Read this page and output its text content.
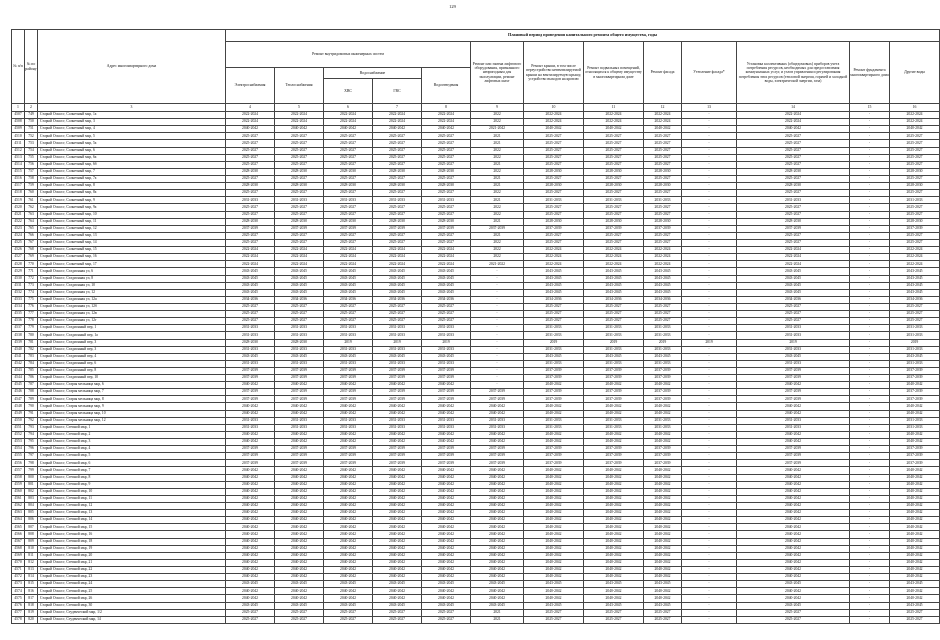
129
№ п/п	№ по району	Адрес многоквартирного дома	Плановый период проведения капитального ремонта общего имущества, годы												
			Ремонт внутридомовых инженерных систем					Ремонт или замена лифтового оборудования, признанного непригодным для эксплуатации, ремонт лифтовых шахт	Ремонт крыши, в том числе переустройство невентилируемой крыши на вентилируемую крышу, устройство выходов на кровлю	Ремонт подвальных помещений, относящихся к общему имуществу в многоквартирном доме	Ремонт фасада	Утепление фасада*	Установка коллективных (общедомовых) приборов учета потребления ресурсов, необходимых для предоставления коммунальных услуг, и узлов управления и регулирования потребления этих ресурсов (тепловой энергии, горячей и холодной воды, электрической энергии, газа)	Ремонт фундамента многоквартирного дома	Другие виды
			Электроснабжения	Теплоснабжения	Водоснабжение		Водоотведения								
					ХВС	ГВС									
1	2	3	4	5	6	7	8	9	10	11	12	13	14	15	16
4507	749	Старый Оскол г, Солнечный мкр, 1а	2022-2024	2022-2024	2022-2024	2022-2024	2022-2024	2022	2022-2024	2022-2024	2022-2024	-	2022-2024	-	2022-2024
4508	750	Старый Оскол г, Солнечный мкр, 3	2022-2024	2022-2024	2022-2024	2022-2024	2022-2024	2022	2022-2024	2022-2024	2022-2024	-	2022-2024	-	2022-2024
4509	751	Старый Оскол г, Солнечный мкр, 4	2040-2042	2040-2042	2040-2042	2040-2042	2040-2042	2021-2042	2040-2042	2040-2042	2040-2042	-	2040-2042	-	2040-2042
4510	752	Старый Оскол г, Солнечный мкр, 5	2025-2027	2025-2027	2025-2027	2025-2027	2025-2027	2021	2025-2027	2025-2027	2025-2027	-	2025-2027	-	2025-2027
4511	753	Старый Оскол г, Солнечный мкр, 5а	2025-2027	2025-2027	2025-2027	2025-2027	2025-2027	2021	2025-2027	2025-2027	2025-2027	-	2025-2027	-	2025-2027
4512	754	Старый Оскол г, Солнечный мкр, 6	2025-2027	2025-2027	2025-2027	2025-2027	2025-2027	2022	2025-2027	2025-2027	2025-2027	-	2025-2027	-	2025-2027
4513	755	Старый Оскол г, Солнечный мкр, 6а	2025-2027	2025-2027	2025-2027	2025-2027	2025-2027	2022	2025-2027	2025-2027	2025-2027	-	2025-2027	-	2025-2027
4514	756	Старый Оскол г, Солнечный мкр, 6б	2025-2027	2025-2027	2025-2027	2025-2027	2025-2027	2021	2025-2027	2025-2027	2025-2027	-	2025-2027	-	2025-2027
4515	757	Старый Оскол г, Солнечный мкр, 7	2028-2030	2028-2030	2028-2030	2028-2030	2028-2030	2022	2028-2030	2028-2030	2028-2030	-	2028-2030	-	2028-2030
4516	758	Старый Оскол г, Солнечный мкр, 7а	2025-2027	2025-2027	2025-2027	2025-2027	2025-2027	2021	2025-2027	2025-2027	2025-2027	-	2025-2027	-	2025-2027
4517	759	Старый Оскол г, Солнечный мкр, 8	2028-2030	2028-2030	2028-2030	2028-2030	2028-2030	2021	2028-2030	2028-2030	2028-2030	-	2028-2030	-	2028-2030
4518	760	Старый Оскол г, Солнечный мкр, 8а	2025-2027	2025-2027	2025-2027	2025-2027	2025-2027	2022	2025-2027	2025-2027	2025-2027	-	2025-2027	-	2025-2027
4519	761	Старый Оскол г, Солнечный мкр, 9	2031-2033	2031-2033	2031-2033	2031-2033	2031-2033	2021	2031-2033	2031-2033	2031-2033	-	2031-2033	-	2031-2033
4520	762	Старый Оскол г, Солнечный мкр, 9а	2025-2027	2025-2027	2025-2027	2025-2027	2025-2027	2022	2025-2027	2025-2027	2025-2027	-	2025-2027	-	2025-2027
4521	763	Старый Оскол г, Солнечный мкр, 10	2025-2027	2025-2027	2025-2027	2025-2027	2025-2027	2022	2025-2027	2025-2027	2025-2027	-	2025-2027	-	2025-2027
4522	764	Старый Оскол г, Солнечный мкр, 11	2028-2030	2028-2030	2028-2030	2028-2030	2028-2030	2021	2028-2030	2028-2030	2028-2030	-	2028-2030	-	2028-2030
4523	765	Старый Оскол г, Солнечный мкр, 12	2037-2039	2037-2039	2037-2039	2037-2039	2037-2039	2037-2039	2037-2039	2037-2039	2037-2039	-	2037-2039	-	2037-2039
4524	766	Старый Оскол г, Солнечный мкр, 13	2025-2027	2025-2027	2025-2027	2025-2027	2025-2027	2021	2025-2027	2025-2027	2025-2027	-	2025-2027	-	2025-2027
4525	767	Старый Оскол г, Солнечный мкр, 14	2025-2027	2025-2027	2025-2027	2025-2027	2025-2027	2022	2025-2027	2025-2027	2025-2027	-	2025-2027	-	2025-2027
4526	768	Старый Оскол г, Солнечный мкр, 15	2022-2024	2022-2024	2022-2024	2022-2024	2022-2024	2022	2022-2024	2022-2024	2022-2024	-	2022-2024	-	2022-2024
4527	769	Старый Оскол г, Солнечный мкр, 16	2022-2024	2022-2024	2022-2024	2022-2024	2022-2024	2022	2022-2024	2022-2024	2022-2024	-	2022-2024	-	2022-2024
4528	770	Старый Оскол г, Солнечный мкр, 17	2022-2024	2022-2024	2022-2024	2022-2024	2022-2024	2021-2022	2022-2024	2022-2024	2022-2024	-	2022-2024	-	2022-2024
4529	771	Старый Оскол г, Стадионная ул, 6	2043-2045	2043-2045	2043-2045	2043-2045	2043-2045	-	2043-2045	2043-2045	2043-2045	-	2043-2045	-	2043-2045
4530	772	Старый Оскол г, Стадионная ул, 8	2043-2045	2043-2045	2043-2045	2043-2045	2043-2045	-	2043-2045	2043-2045	2043-2045	-	2043-2045	-	2043-2045
4531	773	Старый Оскол г, Стадионная ул, 10	2043-2045	2043-2045	2043-2045	2043-2045	2043-2045	-	2043-2045	2043-2045	2043-2045	-	2043-2045	-	2043-2045
4532	774	Старый Оскол г, Стадионная ул, 12	2043-2045	2043-2045	2043-2045	2043-2045	2043-2045	-	2043-2045	2043-2045	2043-2045	-	2043-2045	-	2043-2045
4533	775	Старый Оскол г, Стадионная ул, 12а	2034-2036	2034-2036	2034-2036	2034-2036	2034-2036	-	2034-2036	2034-2036	2034-2036	-	2034-2036	-	2034-2036
4534	776	Старый Оскол г, Стадионная ул, 12б	2025-2027	2025-2027	2025-2027	2025-2027	2025-2027	-	2025-2027	2025-2027	2025-2027	-	2025-2027	-	2025-2027
4535	777	Старый Оскол г, Стадионная ул, 12в	2025-2027	2025-2027	2025-2027	2025-2027	2025-2027	-	2025-2027	2025-2027	2025-2027	-	2025-2027	-	2025-2027
4536	778	Старый Оскол г, Стадионная ул, 12г	2025-2027	2025-2027	2025-2027	2025-2027	2025-2027	-	2025-2027	2025-2027	2025-2027	-	2025-2027	-	2025-2027
4537	779	Старый Оскол г, Стадионный пер, 1	2031-2033	2031-2033	2031-2033	2031-2033	2031-2033	-	2031-2033	2031-2033	2031-2033	-	2031-2033	-	2031-2033
4538	780	Старый Оскол г, Стадионный пер, 1а	2031-2033	2031-2033	2031-2033	2031-2033	2031-2033	-	2031-2033	2031-2033	2031-2033	-	2031-2033	-	2031-2033
4539	781	Старый Оскол г, Стадионный пер, 3	2028-2030	2028-2030	2019	2019	2019	-	2019	2019	2019	2019	2019	-	2019
4540	782	Старый Оскол г, Стадионный пер, 3	2031-2033	2031-2033	2031-2033	2031-2033	2031-2033	-	2031-2033	2031-2033	2031-2033	-	2031-2033	-	2031-2033
4541	783	Старый Оскол г, Стадионный пер, 4	2043-2045	2043-2045	2043-2045	2043-2045	2043-2045	-	2043-2045	2043-2045	2043-2045	-	2043-2045	-	2043-2045
4542	784	Старый Оскол г, Стадионный пер, 6	2031-2033	2031-2033	2031-2033	2031-2033	2031-2033	-	2031-2033	2031-2033	2031-2033	-	2031-2033	-	2031-2033
4543	785	Старый Оскол г, Стадионный пер, 8	2037-2039	2037-2039	2037-2039	2037-2039	2037-2039	-	2037-2039	2037-2039	2037-2039	-	2037-2039	-	2037-2039
4544	786	Старый Оскол г, Стадионный пер, 10	2037-2039	2037-2039	2037-2039	2037-2039	2037-2039	-	2037-2039	2037-2039	2037-2039	-	2037-2039	-	2037-2039
4545	787	Старый Оскол г, Старая мельница мкр, 6	2040-2042	2040-2042	2040-2042	2040-2042	2040-2042	-	2040-2042	2040-2042	2040-2042	-	2040-2042	-	2040-2042
4546	788	Старый Оскол г, Старая мельница мкр, 7	2037-2039	2037-2039	2037-2039	2037-2039	2037-2039	2037-2039	2037-2039	2037-2039	2037-2039	-	2037-2039	-	2037-2039
4547	789	Старый Оскол г, Старая мельница мкр, 8	2037-2039	2037-2039	2037-2039	2037-2039	2037-2039	2037-2039	2037-2039	2037-2039	2037-2039	-	2037-2039	-	2037-2039
4548	790	Старый Оскол г, Старая мельница мкр, 9	2040-2042	2040-2042	2040-2042	2040-2042	2040-2042	2040-2042	2040-2042	2040-2042	2040-2042	-	2040-2042	-	2040-2042
4549	791	Старый Оскол г, Старая мельница мкр, 10	2040-2042	2040-2042	2040-2042	2040-2042	2040-2042	2040-2042	2040-2042	2040-2042	2040-2042	-	2040-2042	-	2040-2042
4550	792	Старый Оскол г, Старая мельница мкр, 12	2031-2033	2031-2033	2031-2033	2031-2033	2031-2033	2031-2033	2031-2033	2031-2033	2031-2033	-	2031-2033	-	2031-2033
4551	793	Старый Оскол г, Степной мкр, 1	2031-2033	2031-2033	2031-2033	2031-2033	2031-2033	2031-2033	2031-2033	2031-2033	2031-2033	-	2031-2033	-	2031-2033
4552	794	Старый Оскол г, Степной мкр, 2	2040-2042	2040-2042	2040-2042	2040-2042	2040-2042	2040-2042	2040-2042	2040-2042	2040-2042	-	2040-2042	-	2040-2042
4553	795	Старый Оскол г, Степной мкр, 3	2040-2042	2040-2042	2040-2042	2040-2042	2040-2042	2040-2042	2040-2042	2040-2042	2040-2042	-	2040-2042	-	2040-2042
4554	796	Старый Оскол г, Степной мкр, 4	2037-2039	2037-2039	2037-2039	2037-2039	2037-2039	2037-2039	2037-2039	2037-2039	2037-2039	-	2037-2039	-	2037-2039
4555	797	Старый Оскол г, Степной мкр, 5	2037-2039	2037-2039	2037-2039	2037-2039	2037-2039	2037-2039	2037-2039	2037-2039	2037-2039	-	2037-2039	-	2037-2039
4556	798	Старый Оскол г, Степной мкр, 6	2037-2039	2037-2039	2037-2039	2037-2039	2037-2039	2037-2039	2037-2039	2037-2039	2037-2039	-	2037-2039	-	2037-2039
4557	799	Старый Оскол г, Степной мкр, 7	2040-2042	2040-2042	2040-2042	2040-2042	2040-2042	2040-2042	2040-2042	2040-2042	2040-2042	-	2040-2042	-	2040-2042
4558	800	Старый Оскол г, Степной мкр, 8	2040-2042	2040-2042	2040-2042	2040-2042	2040-2042	2040-2042	2040-2042	2040-2042	2040-2042	-	2040-2042	-	2040-2042
4559	801	Старый Оскол г, Степной мкр, 9	2040-2042	2040-2042	2040-2042	2040-2042	2040-2042	2040-2042	2040-2042	2040-2042	2040-2042	-	2040-2042	-	2040-2042
4560	802	Старый Оскол г, Степной мкр, 10	2040-2042	2040-2042	2040-2042	2040-2042	2040-2042	2040-2042	2040-2042	2040-2042	2040-2042	-	2040-2042	-	2040-2042
4561	803	Старый Оскол г, Степной мкр, 11	2040-2042	2040-2042	2040-2042	2040-2042	2040-2042	2040-2042	2040-2042	2040-2042	2040-2042	-	2040-2042	-	2040-2042
4562	804	Старый Оскол г, Степной мкр, 12	2040-2042	2040-2042	2040-2042	2040-2042	2040-2042	2040-2042	2040-2042	2040-2042	2040-2042	-	2040-2042	-	2040-2042
4563	805	Старый Оскол г, Степной мкр, 13	2040-2042	2040-2042	2040-2042	2040-2042	2040-2042	2040-2042	2040-2042	2040-2042	2040-2042	-	2040-2042	-	2040-2042
4564	806	Старый Оскол г, Степной мкр, 14	2040-2042	2040-2042	2040-2042	2040-2042	2040-2042	2040-2042	2040-2042	2040-2042	2040-2042	-	2040-2042	-	2040-2042
4565	807	Старый Оскол г, Степной мкр, 15	2040-2042	2040-2042	2040-2042	2040-2042	2040-2042	2040-2042	2040-2042	2040-2042	2040-2042	-	2040-2042	-	2040-2042
4566	808	Старый Оскол г, Степной мкр, 16	2040-2042	2040-2042	2040-2042	2040-2042	2040-2042	2040-2042	2040-2042	2040-2042	2040-2042	-	2040-2042	-	2040-2042
4567	809	Старый Оскол г, Степной мкр, 18	2040-2042	2040-2042	2040-2042	2040-2042	2040-2042	2040-2042	2040-2042	2040-2042	2040-2042	-	2040-2042	-	2040-2042
4568	810	Старый Оскол г, Степной мкр, 19	2040-2042	2040-2042	2040-2042	2040-2042	2040-2042	2040-2042	2040-2042	2040-2042	2040-2042	-	2040-2042	-	2040-2042
4569	811	Старый Оскол г, Степной мкр, 20	2040-2042	2040-2042	2040-2042	2040-2042	2040-2042	2040-2042	2040-2042	2040-2042	2040-2042	-	2040-2042	-	2040-2042
4570	812	Старый Оскол г, Степной мкр, 21	2040-2042	2040-2042	2040-2042	2040-2042	2040-2042	2040-2042	2040-2042	2040-2042	2040-2042	-	2040-2042	-	2040-2042
4571	813	Старый Оскол г, Степной мкр, 22	2040-2042	2040-2042	2040-2042	2040-2042	2040-2042	2040-2042	2040-2042	2040-2042	2040-2042	-	2040-2042	-	2040-2042
4572	814	Старый Оскол г, Степной мкр, 23	2040-2042	2040-2042	2040-2042	2040-2042	2040-2042	2040-2042	2040-2042	2040-2042	2040-2042	-	2040-2042	-	2040-2042
4573	815	Старый Оскол г, Степной мкр, 24	2043-2045	2043-2045	2043-2045	2043-2045	2043-2045	2043-2045	2043-2045	2043-2045	2043-2045	-	2043-2045	-	2043-2045
4574	816	Старый Оскол г, Степной мкр, 25	2040-2042	2040-2042	2040-2042	2040-2042	2040-2042	2040-2042	2040-2042	2040-2042	2040-2042	-	2040-2042	-	2040-2042
4575	817	Старый Оскол г, Степной мкр, 26	2040-2042	2040-2042	2040-2042	2040-2042	2040-2042	2040-2042	2040-2042	2040-2042	2040-2042	-	2040-2042	-	2040-2042
4576	818	Старый Оскол г, Степной мкр, 30	2043-2045	2043-2045	2043-2045	2043-2045	2043-2045	2043-2045	2043-2045	2043-2045	2043-2045	-	2043-2045	-	2043-2045
4577	819	Старый Оскол г, Студенческий мкр, 1/2	2025-2027	2025-2027	2025-2027	2025-2027	2025-2027	2021	2025-2027	2025-2027	2025-2027	-	2025-2027	-	2025-2027
4578	820	Старый Оскол г, Студенческий мкр, 14	2025-2027	2025-2027	2025-2027	2025-2027	2025-2027	2021	2025-2027	2025-2027	2025-2027	-	2025-2027	-	2025-2027
